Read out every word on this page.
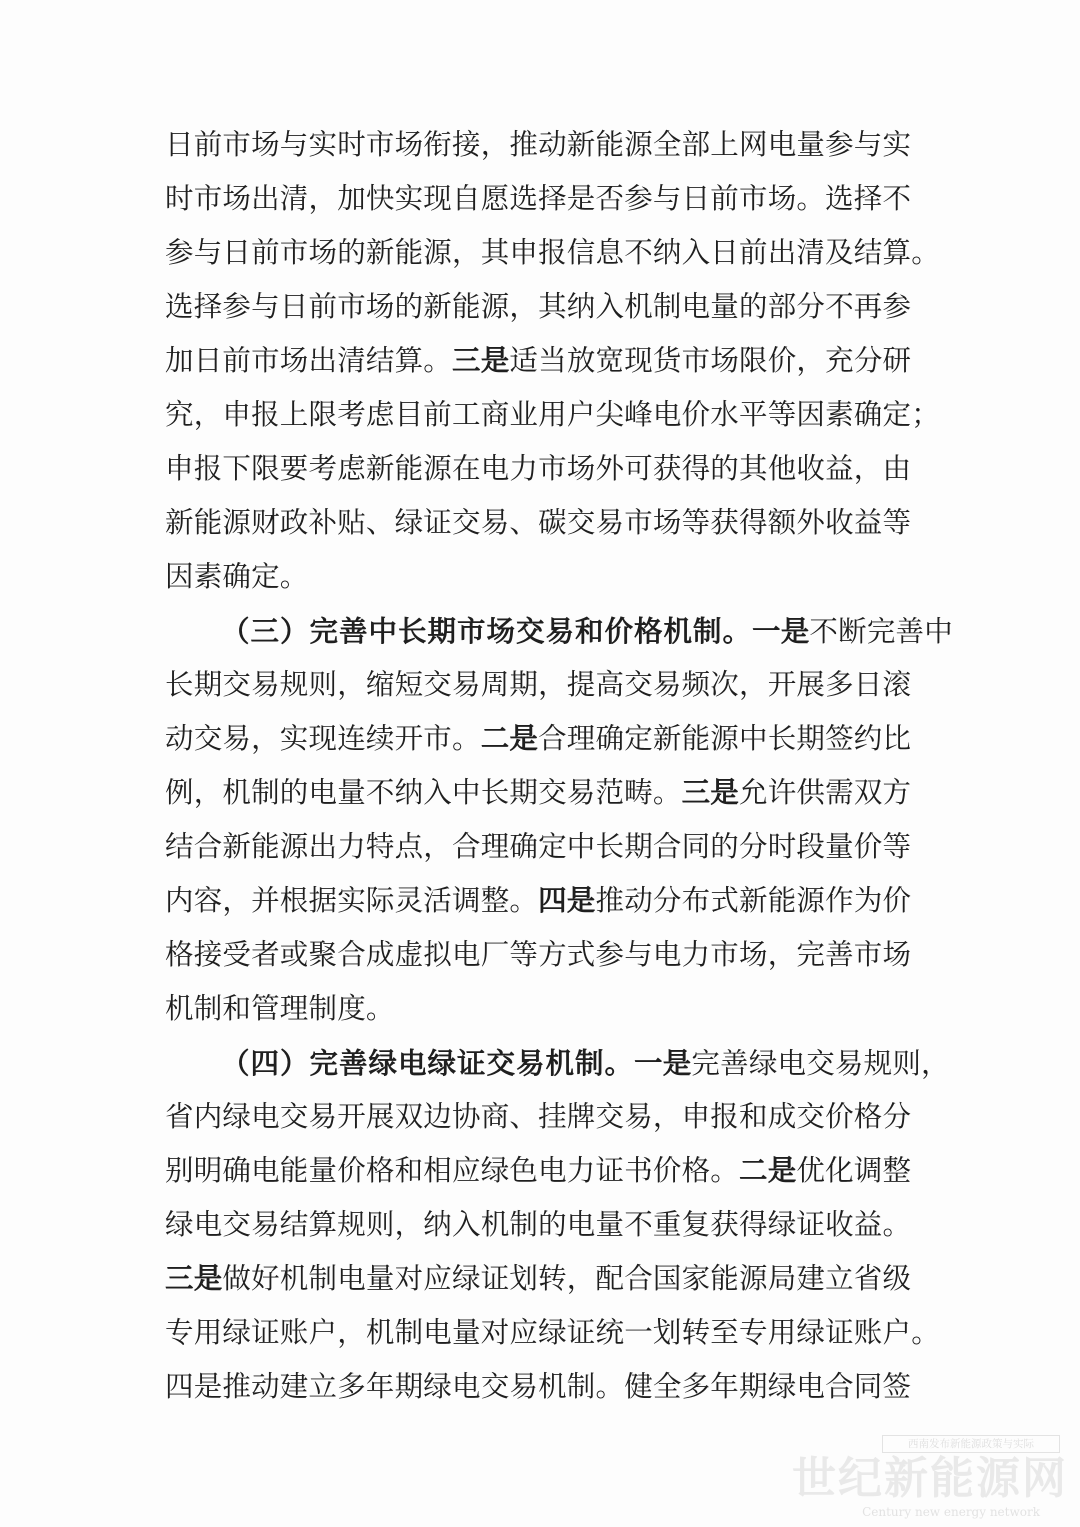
日前市场与实时市场衔接，推动新能源全部上网电量参与实
时市场出清，加快实现自愿选择是否参与日前市场。选择不
参与日前市场的新能源，其申报信息不纳入日前出清及结算。
选择参与日前市场的新能源，其纳入机制电量的部分不再参
加日前市场出清结算。三是适当放宽现货市场限价，充分研
究，申报上限考虑目前工商业用户尖峰电价水平等因素确定；
申报下限要考虑新能源在电力市场外可获得的其他收益，由
新能源财政补贴、绿证交易、碳交易市场等获得额外收益等
因素确定。
（三）完善中长期市场交易和价格机制。一是不断完善中
长期交易规则，缩短交易周期，提高交易频次，开展多日滚
动交易，实现连续开市。二是合理确定新能源中长期签约比
例，机制的电量不纳入中长期交易范畴。三是允许供需双方
结合新能源出力特点，合理确定中长期合同的分时段量价等
内容，并根据实际灵活调整。四是推动分布式新能源作为价
格接受者或聚合成虚拟电厂等方式参与电力市场，完善市场
机制和管理制度。
（四）完善绿电绿证交易机制。一是完善绿电交易规则，
省内绿电交易开展双边协商、挂牌交易，申报和成交价格分
别明确电能量价格和相应绿色电力证书价格。二是优化调整
绿电交易结算规则，纳入机制的电量不重复获得绿证收益。
三是做好机制电量对应绿证划转，配合国家能源局建立省级
专用绿证账户，机制电量对应绿证统一划转至专用绿证账户。
四是推动建立多年期绿电交易机制。健全多年期绿电合同签
西南发布新能源政策与实际
世纪新能源网
Century new energy network
